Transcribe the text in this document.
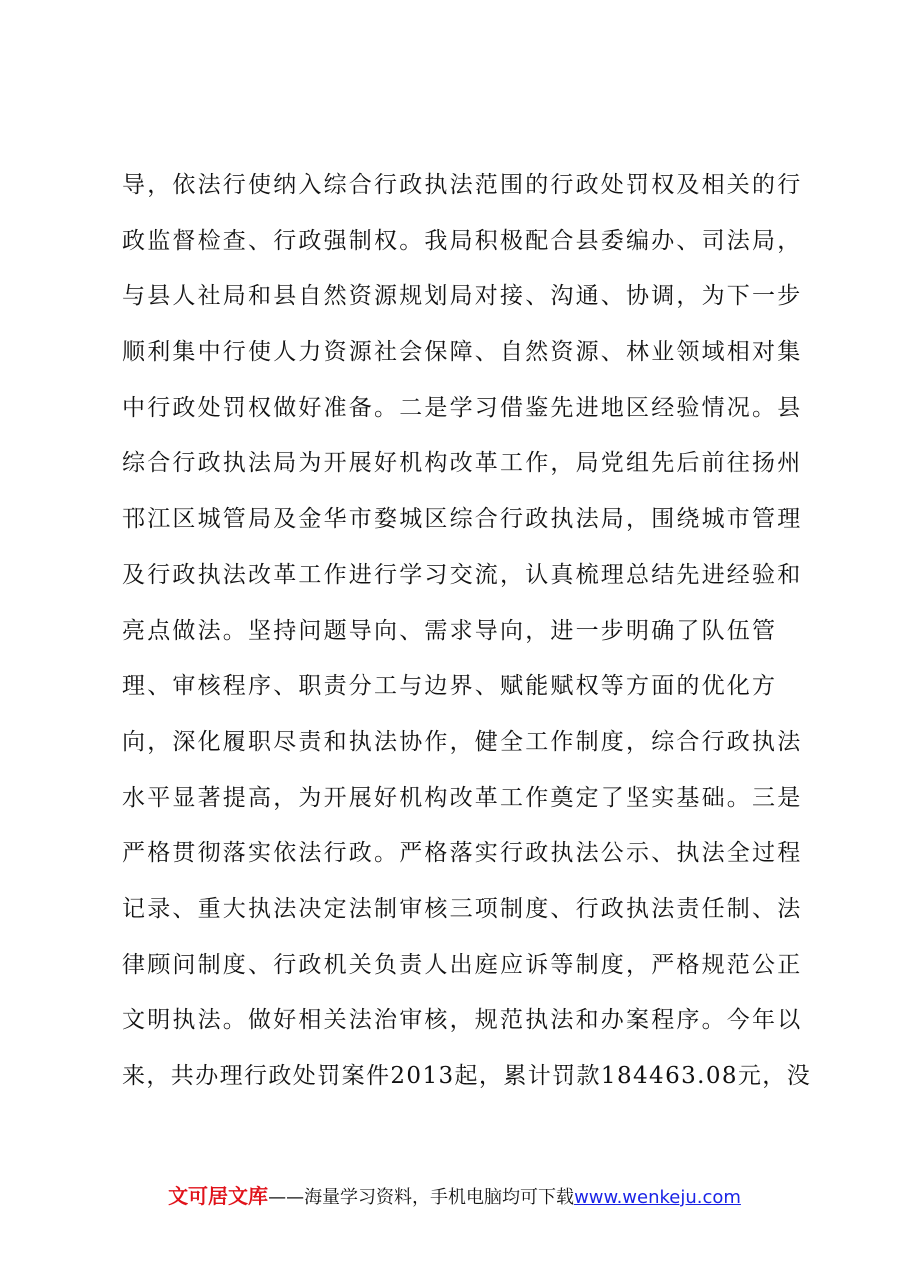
导，依法行使纳入综合行政执法范围的行政处罚权及相关的行
政监督检查、行政强制权。我局积极配合县委编办、司法局，
与县人社局和县自然资源规划局对接、沟通、协调，为下一步
顺利集中行使人力资源社会保障、自然资源、林业领域相对集
中行政处罚权做好准备。二是学习借鉴先进地区经验情况。县
综合行政执法局为开展好机构改革工作，局党组先后前往扬州
邗江区城管局及金华市婺城区综合行政执法局，围绕城市管理
及行政执法改革工作进行学习交流，认真梳理总结先进经验和
亮点做法。坚持问题导向、需求导向，进一步明确了队伍管
理、审核程序、职责分工与边界、赋能赋权等方面的优化方
向，深化履职尽责和执法协作，健全工作制度，综合行政执法
水平显著提高，为开展好机构改革工作奠定了坚实基础。三是
严格贯彻落实依法行政。严格落实行政执法公示、执法全过程
记录、重大执法决定法制审核三项制度、行政执法责任制、法
律顾问制度、行政机关负责人出庭应诉等制度，严格规范公正
文明执法。做好相关法治审核，规范执法和办案程序。今年以
来，共办理行政处罚案件2013起，累计罚款184463.08元，没
文可居文库——海量学习资料，手机电脑均可下载www.wenkeju.com
